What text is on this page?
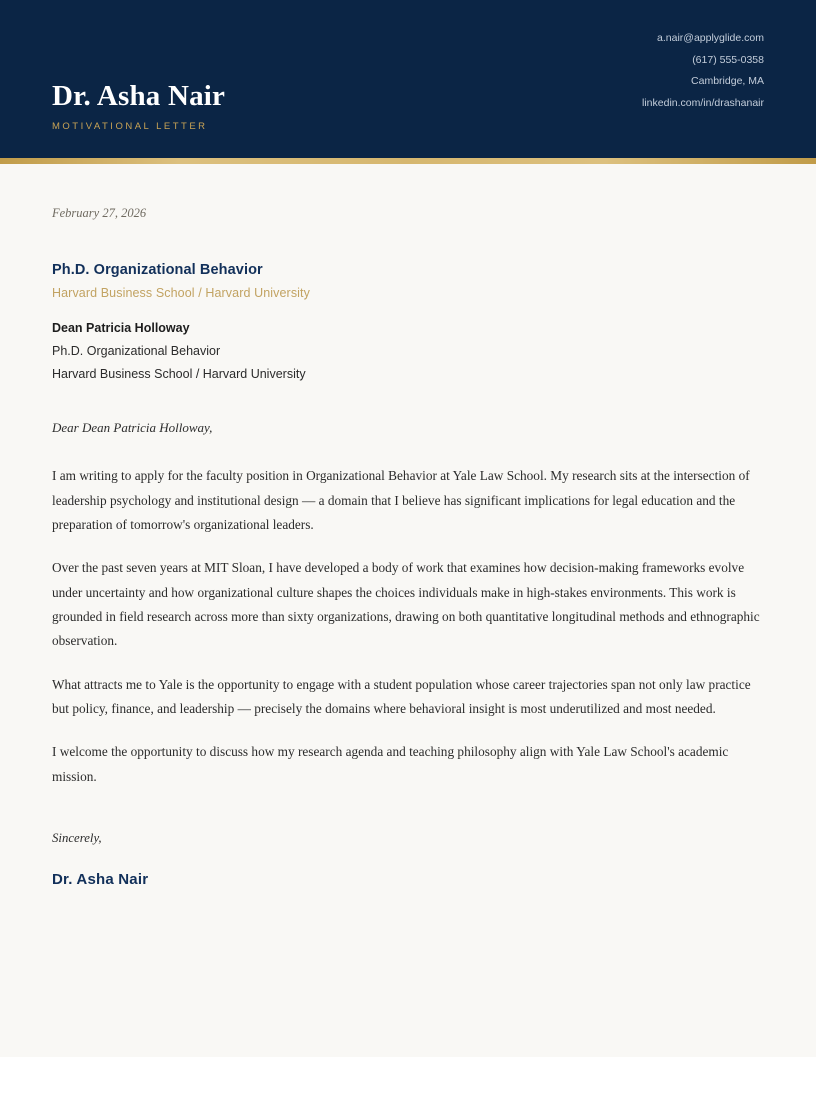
Dr. Asha Nair
MOTIVATIONAL LETTER
a.nair@applyglide.com
(617) 555-0358
Cambridge, MA
linkedin.com/in/drashanair
February 27, 2026
Ph.D. Organizational Behavior
Harvard Business School / Harvard University
Dean Patricia Holloway
Ph.D. Organizational Behavior
Harvard Business School / Harvard University
Dear Dean Patricia Holloway,

I am writing to apply for the faculty position in Organizational Behavior at Yale Law School. My research sits at the intersection of leadership psychology and institutional design — a domain that I believe has significant implications for legal education and the preparation of tomorrow's organizational leaders.

Over the past seven years at MIT Sloan, I have developed a body of work that examines how decision-making frameworks evolve under uncertainty and how organizational culture shapes the choices individuals make in high-stakes environments. This work is grounded in field research across more than sixty organizations, drawing on both quantitative longitudinal methods and ethnographic observation.

What attracts me to Yale is the opportunity to engage with a student population whose career trajectories span not only law practice but policy, finance, and leadership — precisely the domains where behavioral insight is most underutilized and most needed.

I welcome the opportunity to discuss how my research agenda and teaching philosophy align with Yale Law School's academic mission.

Sincerely,
Dr. Asha Nair
